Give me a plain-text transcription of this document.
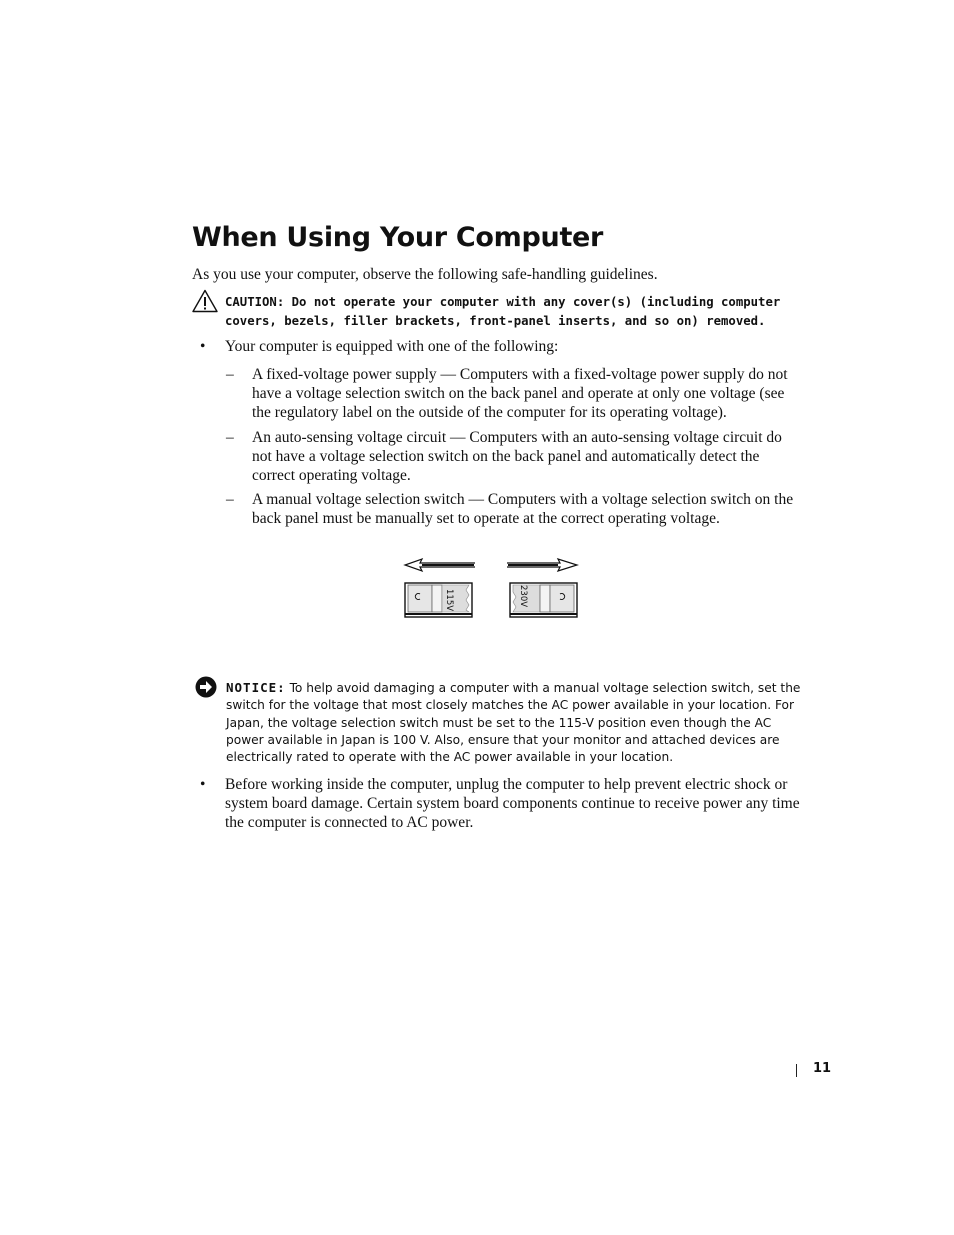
When Using Your Computer

As you use your computer, observe the following safe-handling guidelines.

CAUTION: Do not operate your computer with any cover(s) (including computer covers, bezels, filler brackets, front-panel inserts, and so on) removed.
• Your computer is equipped with one of the following:
– A fixed-voltage power supply — Computers with a fixed-voltage power supply do not have a voltage selection switch on the back panel and operate at only one voltage (see the regulatory label on the outside of the computer for its operating voltage).
– An auto-sensing voltage circuit — Computers with an auto-sensing voltage circuit do not have a voltage selection switch on the back panel and automatically detect the correct operating voltage.
– A manual voltage selection switch — Computers with a voltage selection switch on the back panel must be manually set to operate at the correct operating voltage.
115V	230V
NOTICE: To help avoid damaging a computer with a manual voltage selection switch, set the switch for the voltage that most closely matches the AC power available in your location. For Japan, the voltage selection switch must be set to the 115-V position even though the AC power available in Japan is 100 V. Also, ensure that your monitor and attached devices are electrically rated to operate with the AC power available in your location.
• Before working inside the computer, unplug the computer to help prevent electric shock or system board damage. Certain system board components continue to receive power any time the computer is connected to AC power.
11
